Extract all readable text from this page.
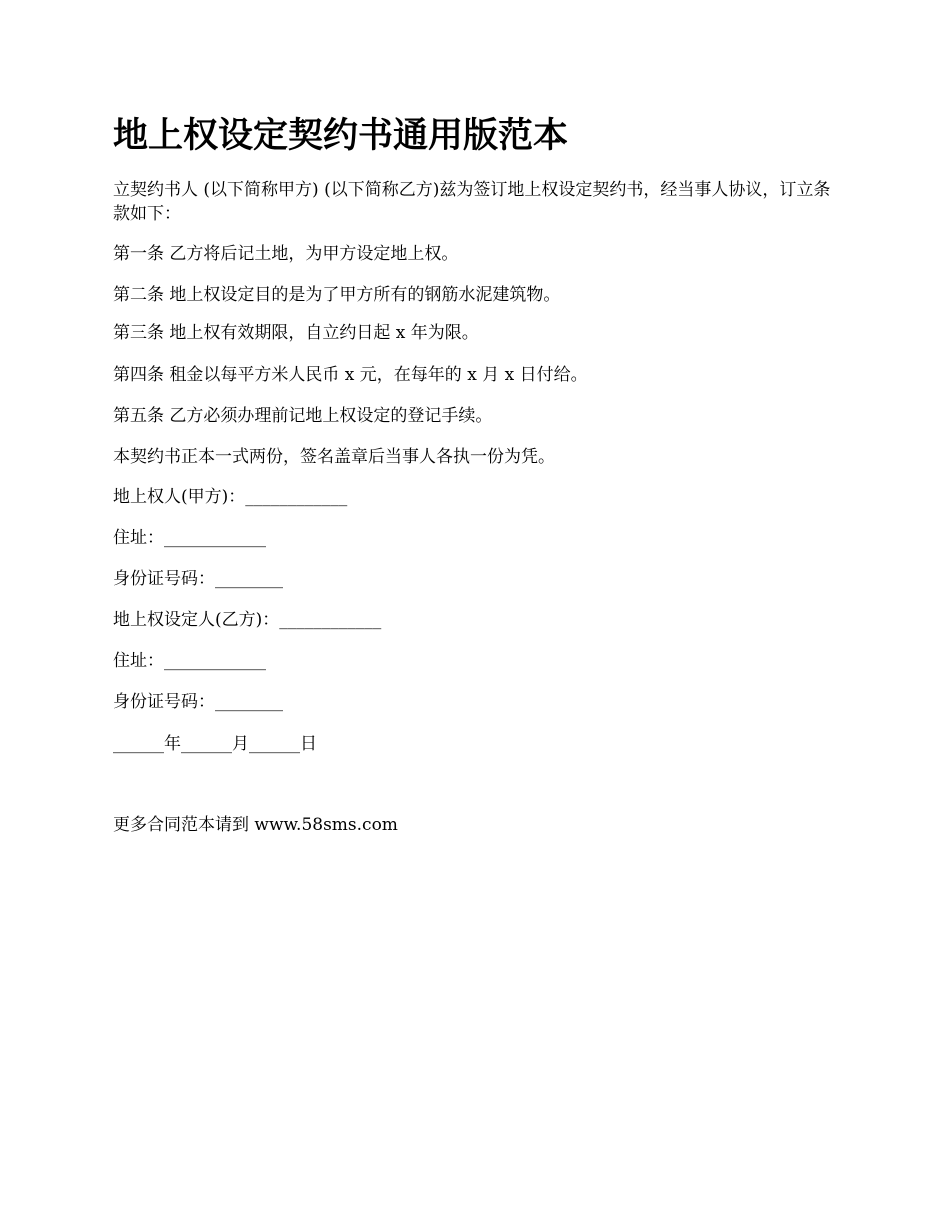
地上权设定契约书通用版范本

立契约书人 (以下简称甲方) (以下简称乙方)兹为签订地上权设定契约书，经当事人协议，订立条款如下：

第一条 乙方将后记土地，为甲方设定地上权。

第二条 地上权设定目的是为了甲方所有的钢筋水泥建筑物。

第三条 地上权有效期限，自立约日起 x 年为限。

第四条 租金以每平方米人民币 x 元，在每年的 x 月 x 日付给。

第五条 乙方必须办理前记地上权设定的登记手续。

本契约书正本一式两份，签名盖章后当事人各执一份为凭。

地上权人(甲方)：____________

住址：____________

身份证号码：________

地上权设定人(乙方)：____________

住址：____________

身份证号码：________

______年______月______日

更多合同范本请到 www.58sms.com
